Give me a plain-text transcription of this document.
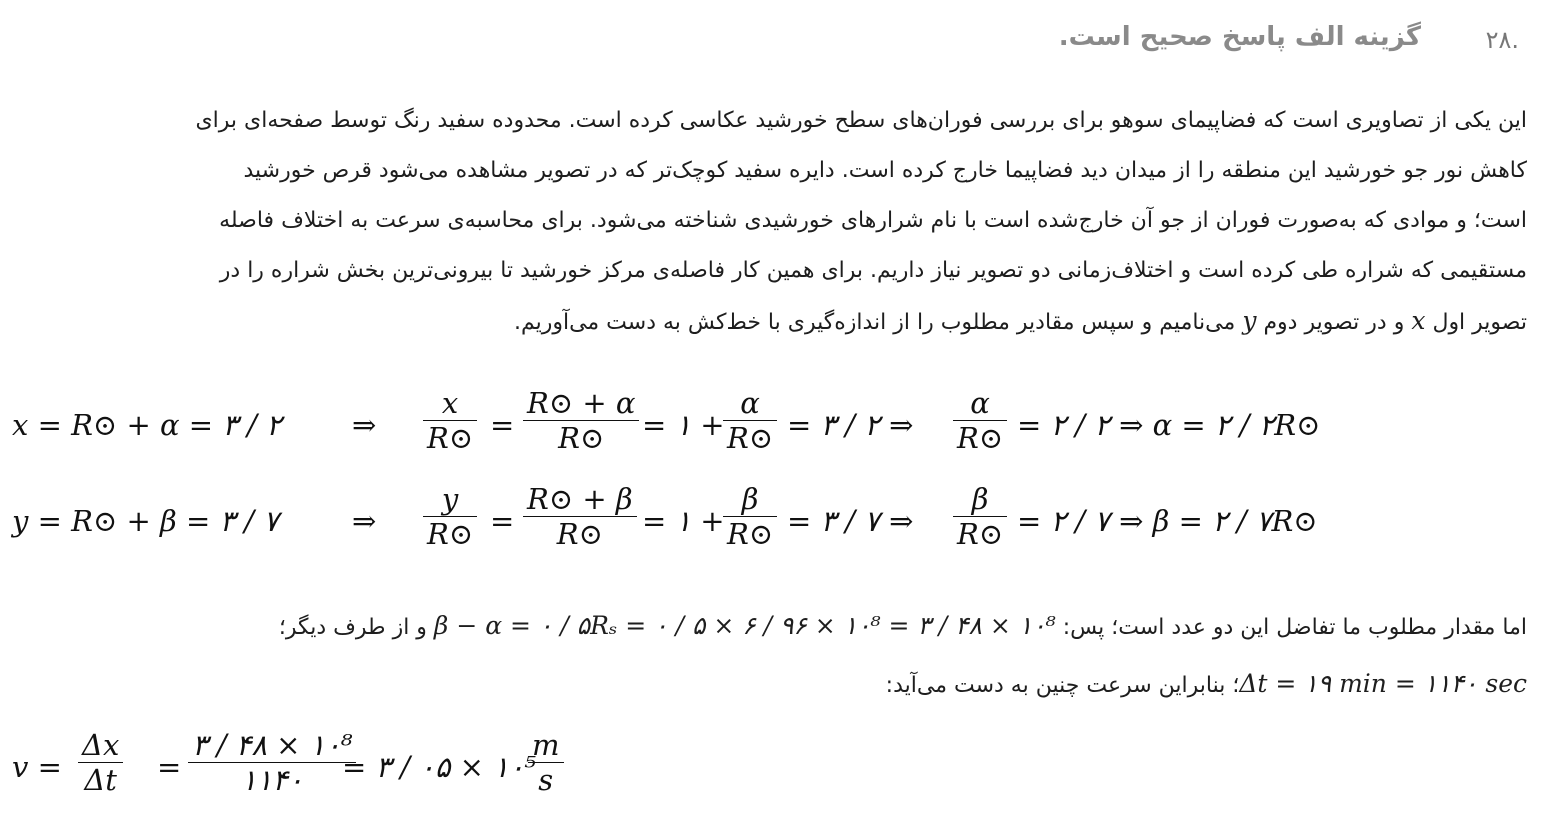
۲۸.
گزینه الف پاسخ صحیح است.
این یکی از تصاویری است که فضاپیمای سوهو برای بررسی فوران‌های سطح خورشید عکاسی کرده است. محدوده سفید رنگ توسط صفحه‌ای برای
کاهش نور جو خورشید این منطقه را از میدان دید فضاپیما خارج کرده است. دایره سفید کوچک‌تر که در تصویر مشاهده می‌شود قرص خورشید
است؛ و موادی که به‌صورت فوران از جو آن خارج‌شده است با نام شرارهای خورشیدی شناخته می‌شود. برای محاسبه‌ی سرعت به اختلاف فاصله
مستقیمی که شراره طی کرده است و اختلاف‌زمانی دو تصویر نیاز داریم. برای همین کار فاصله‌ی مرکز خورشید تا بیرونی‌ترین بخش شراره را در
تصویر اول x و در تصویر دوم y می‌نامیم و سپس مقادیر مطلوب را از اندازه‌گیری با خط‌کش به دست می‌آوریم.
x = R⊙ + α = ۳ / ۲ ⇒ $\frac{x}{R⊙} = \frac{R⊙ + \alpha}{R⊙}$ = ۱ +
$\frac{\alpha}{R⊙}$ = ۳ / ۲ ⇒ $\frac{\alpha}{R⊙}$ = ۲ / ۲ ⇒ α = ۲ / ۲R⊙
y = R⊙ + β = ۳ / ۷	⇒ $\frac{y}{R⊙} = \frac{R⊙ + \beta}{R⊙}$ = ۱ +
$\frac{\beta}{R⊙}$ = ۳ / ۷ ⇒ $\frac{\beta}{R⊙}$ = ۲ / ۷ ⇒ β = ۲ / ۷R⊙
اما مقدار مطلوب ما تفاضل این دو عدد است؛ پس: β − α = ۰ / ۵Rₛ = ۰ / ۵ × ۶ / ۹۶ × ۱۰⁸ = ۳ / ۴۸ × ۱۰⁸ و از طرف دیگر؛
Δt = ۱۹ min = ۱۱۴۰ sec؛ بنابراین سرعت چنین به دست می‌آید:
$v = \frac{\Delta x}{\Delta t} = \frac{\text{۳ / ۴۸ × ۱۰⁸}}{۱۱۴۰}$
= ۳ / ۰۵ × ۱۰⁵
$\frac{m}{s}$
